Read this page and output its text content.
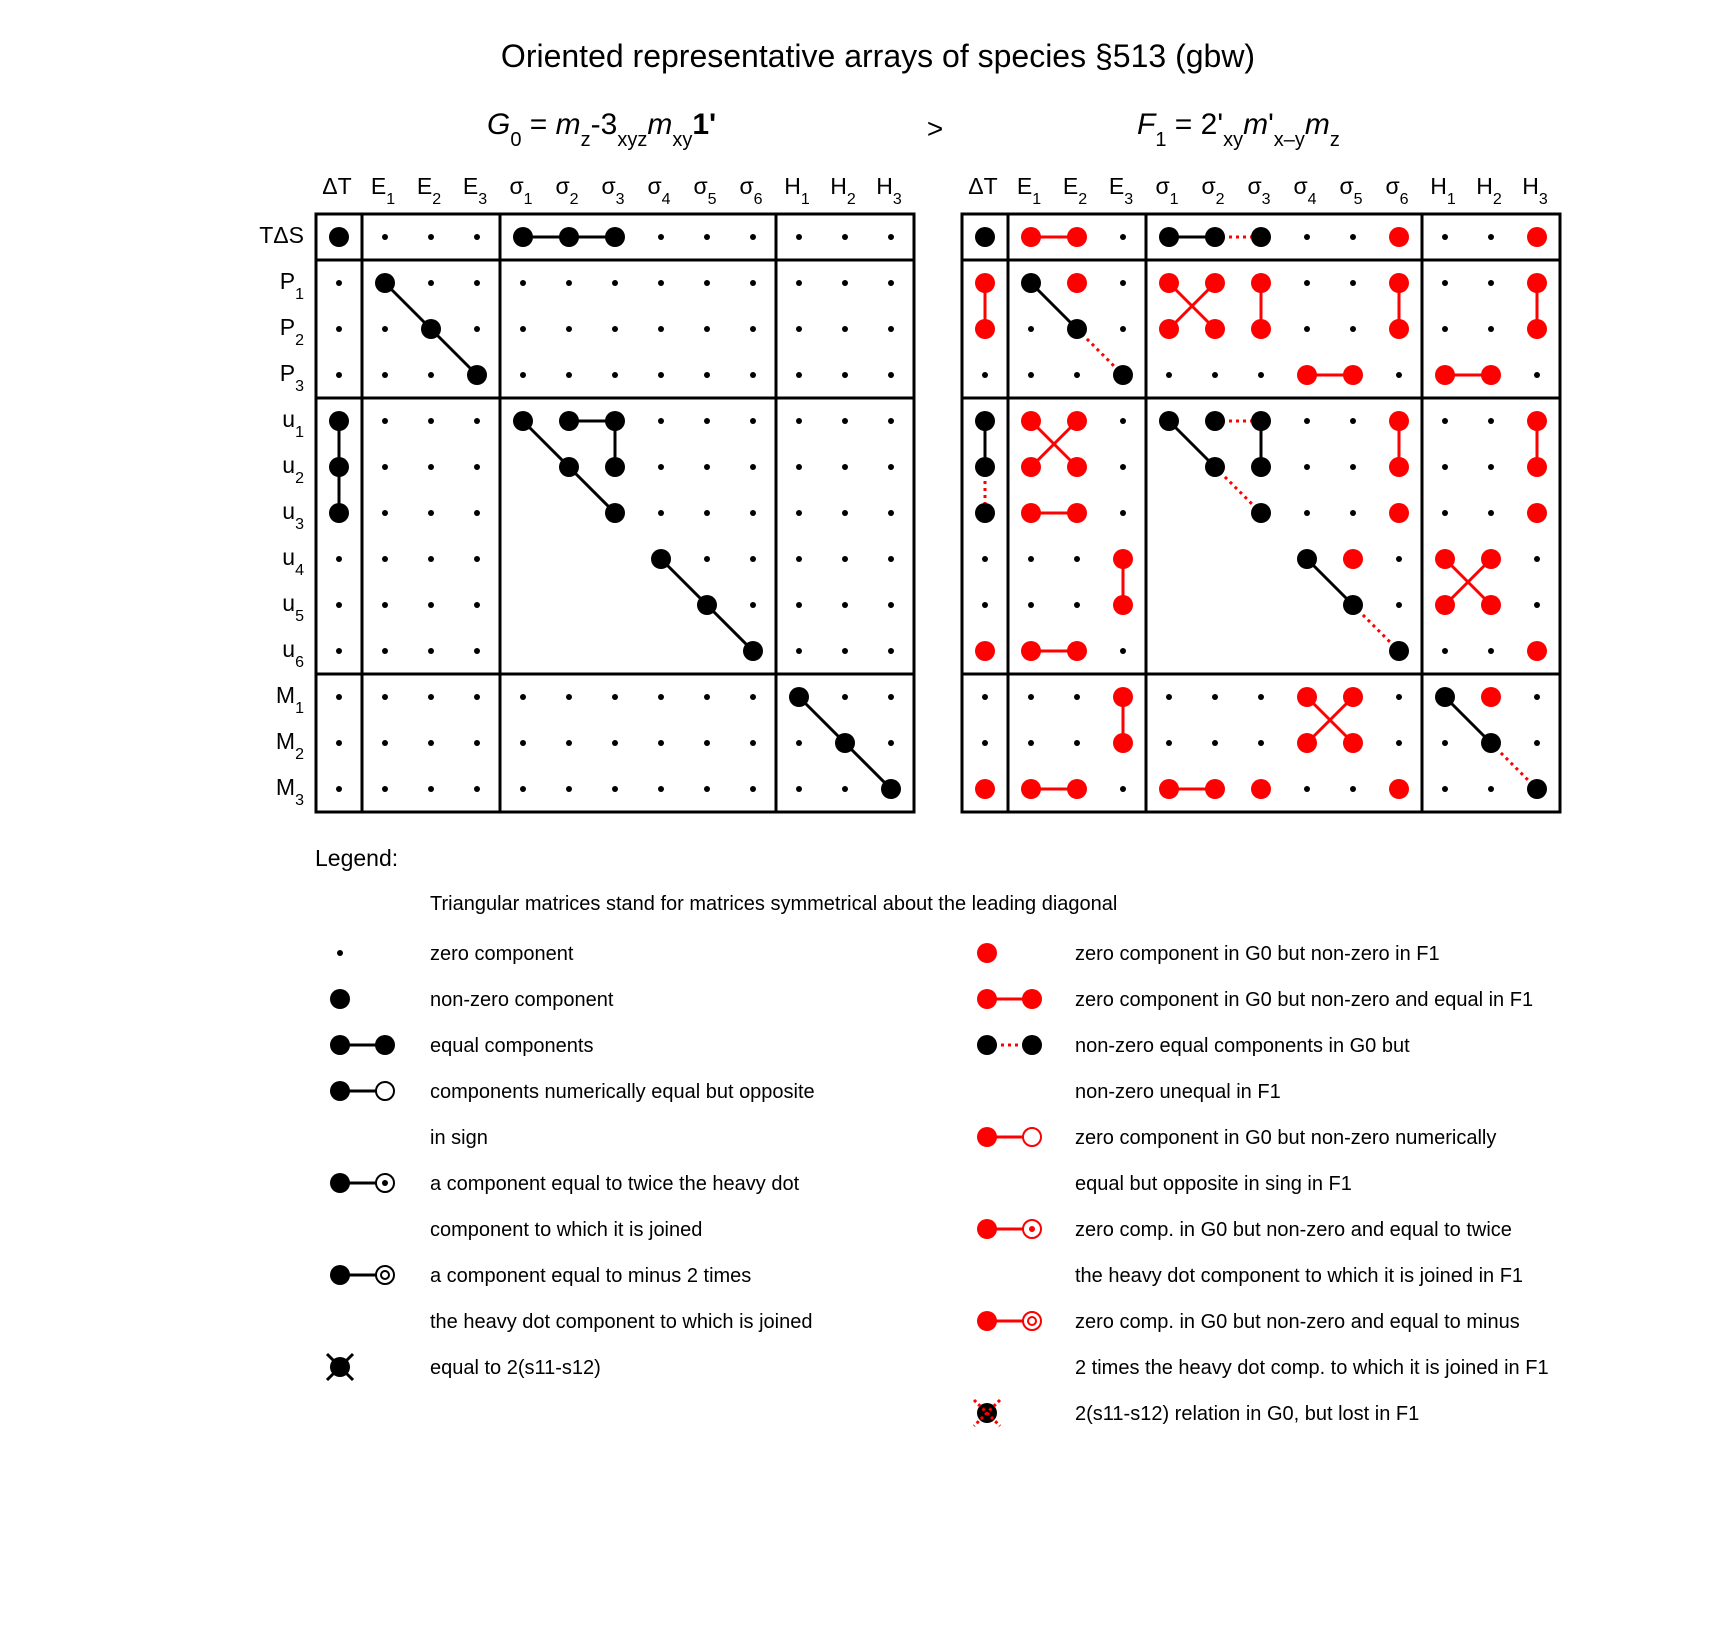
Oriented representative arrays of species §513 (gbw)
$G_0 = m_z-3_{xyz}m_{xy}1'$	>	$F_1 = 2'_{xy}m'_{x-y}m_z$
ΔT $E_1$
$E_2$
$E_3$
$\sigma_1$
$\sigma_2$
$\sigma_3$
$\sigma_4$
$\sigma_5$
$\sigma_6$
$H_1$
$H_2$
$H_3$
TΔS
$P_1$
$P_2$
$P_3$
$u_1$
$u_2$
$u_3$
$u_4$
$u_5$
$u_6$
$M_1$
$M_2$
$M_3$
ΔT $E_1$
$E_2$
$E_3$
$\sigma_1$
$\sigma_2$
$\sigma_3$
$\sigma_4$
$\sigma_5$
$\sigma_6$
$H_1$
$H_2$
$H_3$
Legend:
Triangular matrices stand for matrices symmetrical about the leading diagonal
zero component
non-zero component
equal components
components numerically equal but opposite
in sign
a component equal to twice the heavy dot
component to which it is joined
a component equal to minus 2 times
the heavy dot component to which is joined
equal to 2(s11-s12)
zero component in G0 but non-zero in F1
zero component in G0 but non-zero and equal in F1
non-zero equal components in G0 but
non-zero unequal in F1
zero component in G0 but non-zero numerically
equal but opposite in sing in F1
zero comp. in G0 but non-zero and equal to twice
the heavy dot component to which it is joined in F1
zero comp. in G0 but non-zero and equal to minus
2 times the heavy dot comp. to which it is joined in F1
2(s11-s12) relation in G0, but lost in F1
